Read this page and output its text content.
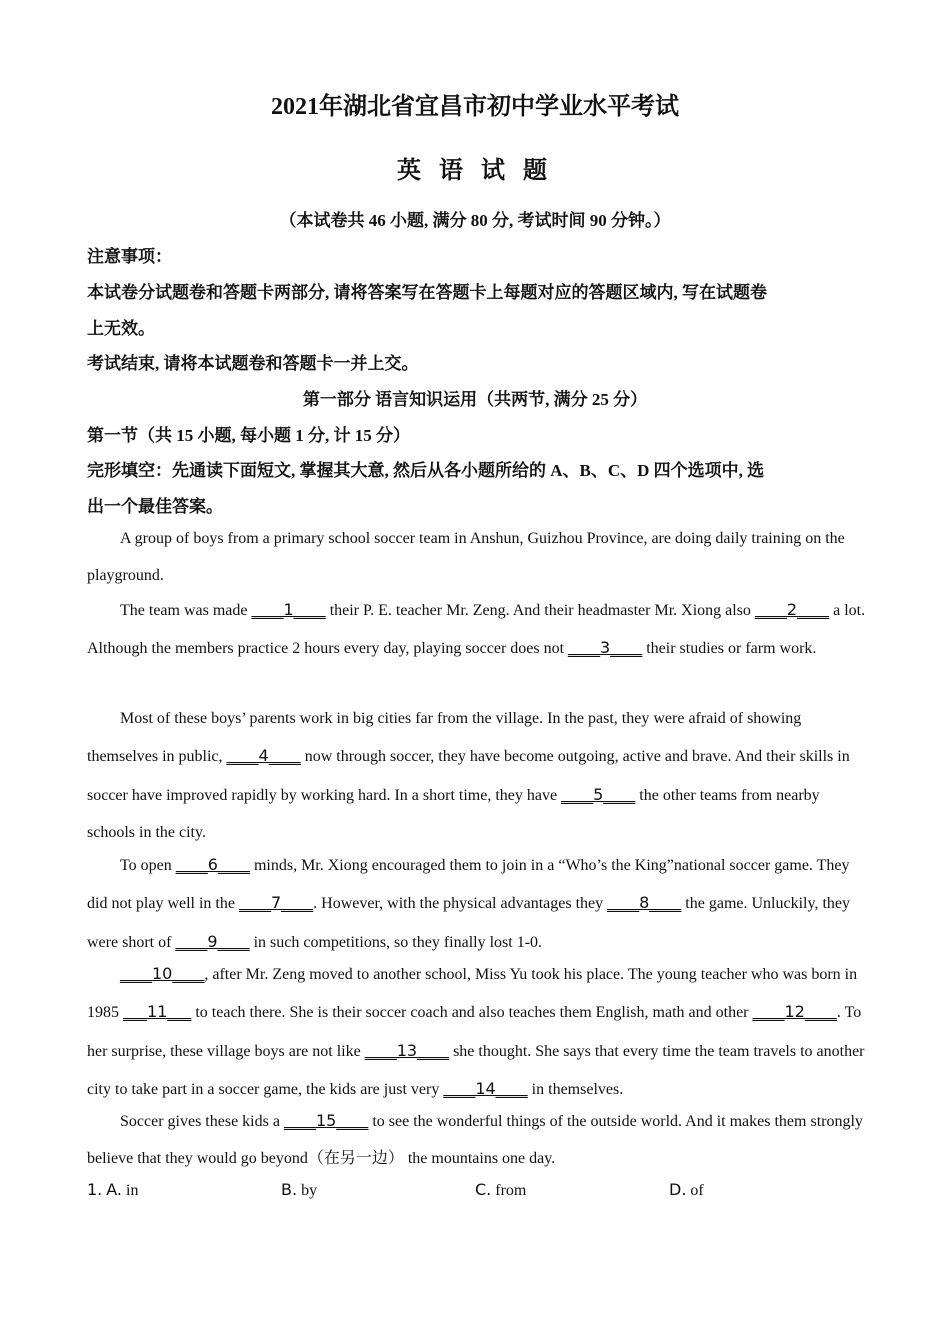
2021年湖北省宜昌市初中学业水平考试
英 语 试 题
（本试卷共 46 小题, 满分 80 分, 考试时间 90 分钟。）
注意事项：
本试卷分试题卷和答题卡两部分, 请将答案写在答题卡上每题对应的答题区域内, 写在试题卷
上无效。
考试结束, 请将本试题卷和答题卡一并上交。
第一部分 语言知识运用（共两节, 满分 25 分）
第一节（共 15 小题, 每小题 1 分, 计 15 分）
完形填空：先通读下面短文, 掌握其大意, 然后从各小题所给的 A、B、C、D 四个选项中, 选
出一个最佳答案。

A group of boys from a primary school soccer team in Anshun, Guizhou Province, are doing daily training on the playground.

The team was made ____1____ their P. E. teacher Mr. Zeng. And their headmaster Mr. Xiong also ____2____ a lot. Although the members practice 2 hours every day, playing soccer does not ____3____ their studies or farm work.

Most of these boys’ parents work in big cities far from the village. In the past, they were afraid of showing themselves in public, ____4____ now through soccer, they have become outgoing, active and brave. And their skills in soccer have improved rapidly by working hard. In a short time, they have ____5____ the other teams from nearby schools in the city.

To open ____6____ minds, Mr. Xiong encouraged them to join in a “Who’s the King”national soccer game. They did not play well in the ____7____. However, with the physical advantages they ____8____ the game. Unluckily, they were short of ____9____ in such competitions, so they finally lost 1-0.

____10____, after Mr. Zeng moved to another school, Miss Yu took his place. The young teacher who was born in 1985 ___11___ to teach there. She is their soccer coach and also teaches them English, math and other ____12____. To her surprise, these village boys are not like ____13____ she thought. She says that every time the team travels to another city to take part in a soccer game, the kids are just very ____14____ in themselves.

Soccer gives these kids a ____15____ to see the wonderful things of the outside world. And it makes them strongly believe that they would go beyond（在另一边） the mountains one day.

1. A. in	B. by	C. from	D. of
